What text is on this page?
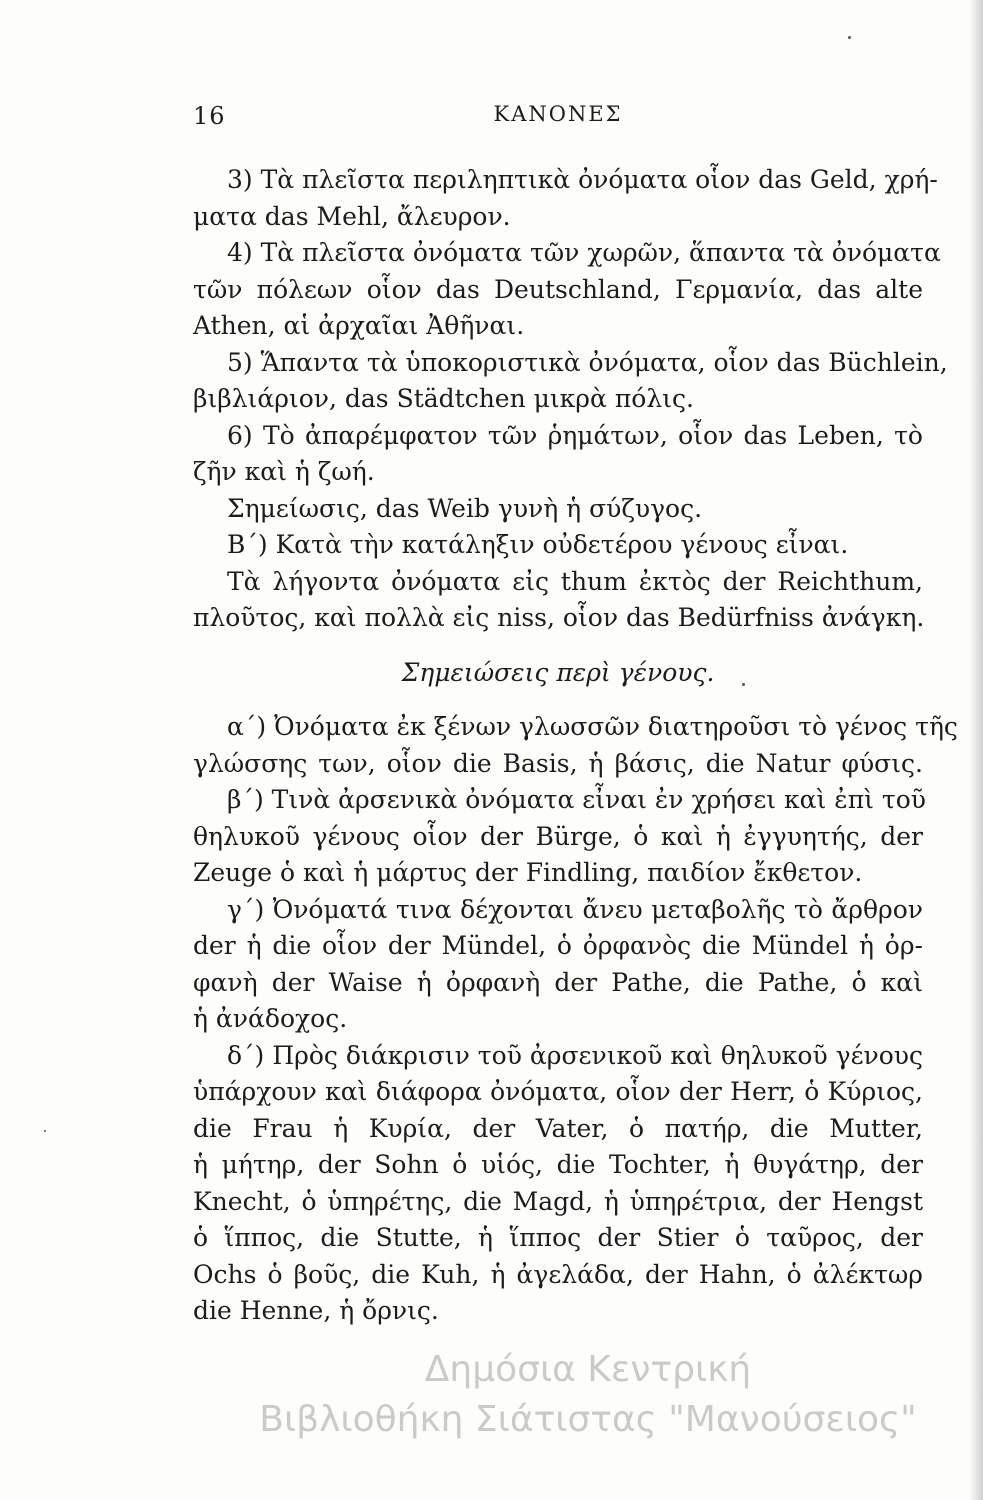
16	ΚΑΝΟΝΕΣ
3) Τὰ πλεῖστα περιληπτικὰ ὀνόματα οἷον das Geld, χρή-
ματα das Mehl, ἄλευρον.
4) Τὰ πλεῖστα ὀνόματα τῶν χωρῶν, ἅπαντα τὰ ὀνόματα
τῶν πόλεων οἷον das Deutschland, Γερμανία, das alte
Athen, αἱ ἀρχαῖαι Ἀθῆναι.
5) Ἅπαντα τὰ ὑποκοριστικὰ ὀνόματα, οἷον das Büchlein,
βιβλιάριον, das Städtchen μικρὰ πόλις.
6) Τὸ ἀπαρέμφατον τῶν ῥημάτων, οἷον das Leben, τὸ
ζῆν καὶ ἡ ζωή.
Σημείωσις, das Weib γυνὴ ἡ σύζυγος.
Β΄) Κατὰ τὴν κατάληξιν οὐδετέρου γένους εἶναι.
Τὰ λήγοντα ὀνόματα εἰς thum ἐκτὸς der Reichthum,
πλοῦτος, καὶ πολλὰ εἰς niss, οἷον das Bedürfniss ἀνάγκη.
Σημειώσεις περὶ γένους.
α΄) Ὀνόματα ἐκ ξένων γλωσσῶν διατηροῦσι τὸ γένος τῆς
γλώσσης των, οἷον die Basis, ἡ βάσις, die Natur φύσις.
β΄) Τινὰ ἀρσενικὰ ὀνόματα εἶναι ἐν χρήσει καὶ ἐπὶ τοῦ
θηλυκοῦ γένους οἷον der Bürge, ὁ καὶ ἡ ἐγγυητής, der
Zeuge ὁ καὶ ἡ μάρτυς der Findling, παιδίον ἔκθετον.
γ΄) Ὀνόματά τινα δέχονται ἄνευ μεταβολῆς τὸ ἄρθρον
der ἡ die οἷον der Mündel, ὁ ὀρφανὸς die Mündel ἡ ὀρ-
φανὴ der Waise ἡ ὀρφανὴ der Pathe, die Pathe, ὁ καὶ
ἡ ἀνάδοχος.
δ΄) Πρὸς διάκρισιν τοῦ ἀρσενικοῦ καὶ θηλυκοῦ γένους
ὑπάρχουν καὶ διάφορα ὀνόματα, οἷον der Herr, ὁ Κύριος,
die Frau ἡ Κυρία, der Vater, ὁ πατήρ, die Mutter,
ἡ μήτηρ, der Sohn ὁ υἱός, die Tochter, ἡ θυγάτηρ, der
Knecht, ὁ ὑπηρέτης, die Magd, ἡ ὑπηρέτρια, der Hengst
ὁ ἵππος, die Stutte, ἡ ἵππος der Stier ὁ ταῦρος, der
Ochs ὁ βοῦς, die Kuh, ἡ ἀγελάδα, der Hahn, ὁ ἀλέκτωρ
die Henne, ἡ ὄρνις.
Δημόσια Κεντρική
Βιβλιοθήκη Σιάτιστας "Μανούσειος"
